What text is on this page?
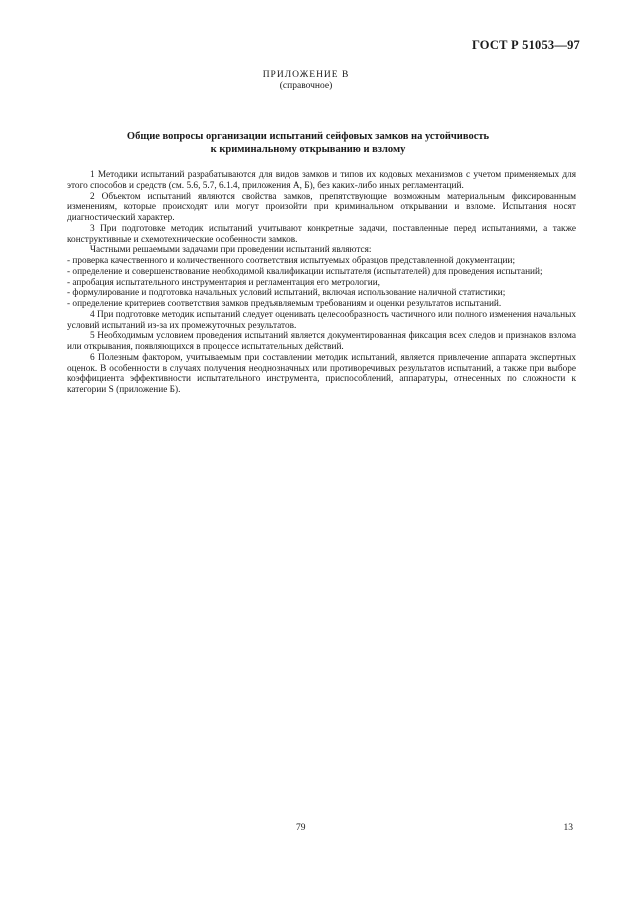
ГОСТ Р 51053—97
ПРИЛОЖЕНИЕ В
(справочное)
Общие вопросы организации испытаний сейфовых замков на устойчивость
к криминальному открыванию и взлому

1 Методики испытаний разрабатываются для видов замков и типов их кодовых механизмов с учетом применяемых для этого способов и средств (см. 5.6, 5.7, 6.1.4, приложения А, Б), без каких-либо иных регламентаций.

2 Объектом испытаний являются свойства замков, препятствующие возможным материальным фиксированным изменениям, которые происходят или могут произойти при криминальном открывании и взломе. Испытания носят диагностический характер.

3 При подготовке методик испытаний учитывают конкретные задачи, поставленные перед испытаниями, а также конструктивные и схемотехнические особенности замков.

Частными решаемыми задачами при проведении испытаний являются:

- проверка качественного и количественного соответствия испытуемых образцов представленной документации;

- определение и совершенствование необходимой квалификации испытателя (испытателей) для проведения испытаний;

- апробация испытательного инструментария и регламентация его метрологии,

- формулирование и подготовка начальных условий испытаний, включая использование наличной статистики;

- определение критериев соответствия замков предъявляемым требованиям и оценки результатов испытаний.

4 При подготовке методик испытаний следует оценивать целесообразность частичного или полного изменения начальных условий испытаний из-за их промежуточных результатов.

5 Необходимым условием проведения испытаний является документированная фиксация всех следов и признаков взлома или открывания, появляющихся в процессе испытательных действий.

6 Полезным фактором, учитываемым при составлении методик испытаний, является привлечение аппарата экспертных оценок. В особенности в случаях получения неоднозначных или противоречивых результатов испытаний, а также при выборе коэффициента эффективности испытательного инструмента, приспособлений, аппаратуры, отнесенных по сложности к категории S (приложение Б).

79	13
